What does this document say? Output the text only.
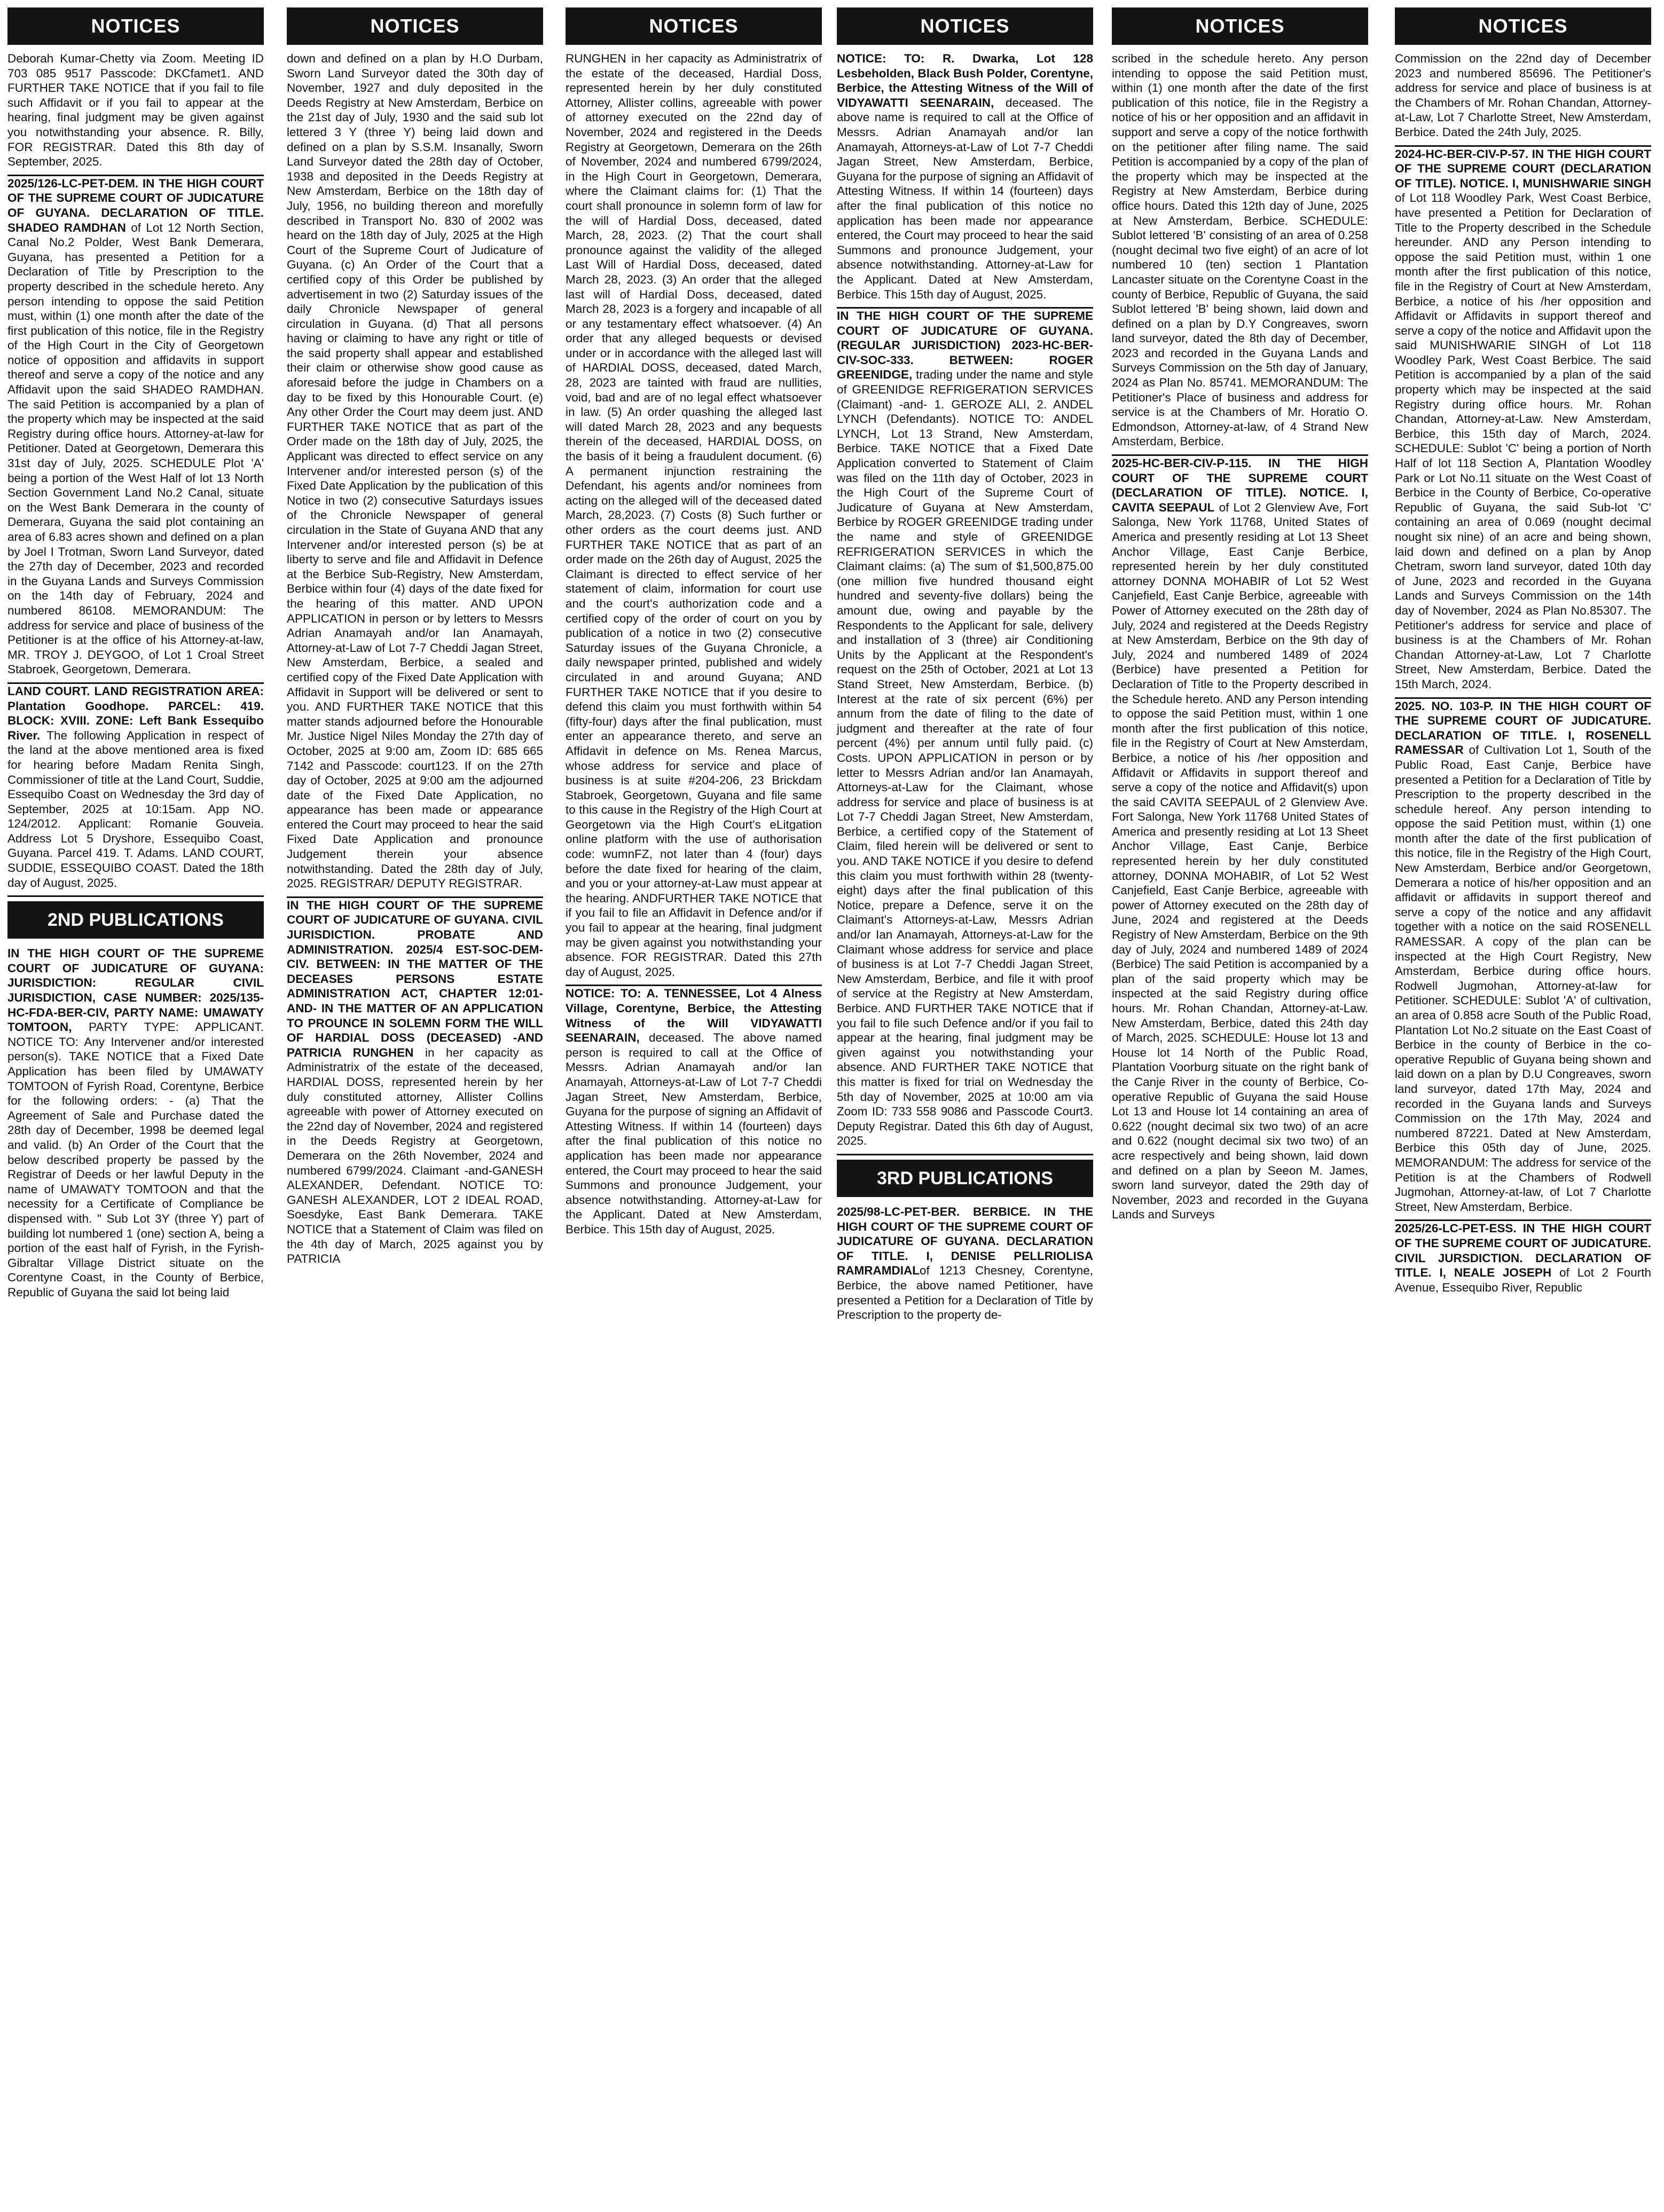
NOTICES

Deborah Kumar-Chetty via Zoom. Meeting ID 703 085 9517 Passcode: DKCfamet1. AND FURTHER TAKE NOTICE that if you fail to file such Affidavit or if you fail to appear at the hearing, final judgment may be given against you notwithstanding your absence. R. Billy, FOR REGISTRAR. Dated this 8th day of September, 2025.

2025/126-LC-PET-DEM. IN THE HIGH COURT OF THE SUPREME COURT OF JUDICATURE OF GUYANA. DECLARATION OF TITLE. SHADEO RAMDHAN of Lot 12 North Section, Canal No.2 Polder, West Bank Demerara, Guyana, has presented a Petition for a Declaration of Title by Prescription to the property described in the schedule hereto. Any person intending to oppose the said Petition must, within (1) one month after the date of the first publication of this notice, file in the Registry of the High Court in the City of Georgetown notice of opposition and affidavits in support thereof and serve a copy of the notice and any Affidavit upon the said SHADEO RAMDHAN. The said Petition is accompanied by a plan of the property which may be inspected at the said Registry during office hours. Attorney-at-law for Petitioner. Dated at Georgetown, Demerara this 31st day of July, 2025. SCHEDULE Plot 'A' being a portion of the West Half of lot 13 North Section Government Land No.2 Canal, situate on the West Bank Demerara in the county of Demerara, Guyana the said plot containing an area of 6.83 acres shown and defined on a plan by Joel I Trotman, Sworn Land Surveyor, dated the 27th day of December, 2023 and recorded in the Guyana Lands and Surveys Commission on the 14th day of February, 2024 and numbered 86108. MEMORANDUM: The address for service and place of business of the Petitioner is at the office of his Attorney-at-law, MR. TROY J. DEYGOO, of Lot 1 Croal Street Stabroek, Georgetown, Demerara.

LAND COURT. LAND REGISTRATION AREA: Plantation Goodhope. PARCEL: 419. BLOCK: XVIII. ZONE: Left Bank Essequibo River. The following Application in respect of the land at the above mentioned area is fixed for hearing before Madam Renita Singh, Commissioner of title at the Land Court, Suddie, Essequibo Coast on Wednesday the 3rd day of September, 2025 at 10:15am. App NO. 124/2012. Applicant: Romanie Gouveia. Address Lot 5 Dryshore, Essequibo Coast, Guyana. Parcel 419. T. Adams. LAND COURT, SUDDIE, ESSEQUIBO COAST. Dated the 18th day of August, 2025.

2ND PUBLICATIONS

IN THE HIGH COURT OF THE SUPREME COURT OF JUDICATURE OF GUYANA: JURISDICTION: REGULAR CIVIL JURISDICTION, CASE NUMBER: 2025/135-HC-FDA-BER-CIV, PARTY NAME: UMAWATY TOMTOON, PARTY TYPE: APPLICANT. NOTICE TO: Any Intervener and/or interested person(s). TAKE NOTICE that a Fixed Date Application has been filed by UMAWATY TOMTOON of Fyrish Road, Corentyne, Berbice for the following orders: - (a) That the Agreement of Sale and Purchase dated the 28th day of December, 1998 be deemed legal and valid. (b) An Order of the Court that the below described property be passed by the Registrar of Deeds or her lawful Deputy in the name of UMAWATY TOMTOON and that the necessity for a Certificate of Compliance be dispensed with. " Sub Lot 3Y (three Y) part of building lot numbered 1 (one) section A, being a portion of the east half of Fyrish, in the Fyrish-Gibraltar Village District situate on the Corentyne Coast, in the County of Berbice, Republic of Guyana the said lot being laid

NOTICES

down and defined on a plan by H.O Durbam, Sworn Land Surveyor dated the 30th day of November, 1927 and duly deposited in the Deeds Registry at New Amsterdam, Berbice on the 21st day of July, 1930 and the said sub lot lettered 3 Y (three Y) being laid down and defined on a plan by S.S.M. Insanally, Sworn Land Surveyor dated the 28th day of October, 1938 and deposited in the Deeds Registry at New Amsterdam, Berbice on the 18th day of July, 1956, no building thereon and morefully described in Transport No. 830 of 2002 was heard on the 18th day of July, 2025 at the High Court of the Supreme Court of Judicature of Guyana. (c) An Order of the Court that a certified copy of this Order be published by advertisement in two (2) Saturday issues of the daily Chronicle Newspaper of general circulation in Guyana. (d) That all persons having or claiming to have any right or title of the said property shall appear and established their claim or otherwise show good cause as aforesaid before the judge in Chambers on a day to be fixed by this Honourable Court. (e) Any other Order the Court may deem just. AND FURTHER TAKE NOTICE that as part of the Order made on the 18th day of July, 2025, the Applicant was directed to effect service on any Intervener and/or interested person (s) of the Fixed Date Application by the publication of this Notice in two (2) consecutive Saturdays issues of the Chronicle Newspaper of general circulation in the State of Guyana AND that any Intervener and/or interested person (s) be at liberty to serve and file and Affidavit in Defence at the Berbice Sub-Registry, New Amsterdam, Berbice within four (4) days of the date fixed for the hearing of this matter. AND UPON APPLICATION in person or by letters to Messrs Adrian Anamayah and/or Ian Anamayah, Attorney-at-Law of Lot 7-7 Cheddi Jagan Street, New Amsterdam, Berbice, a sealed and certified copy of the Fixed Date Application with Affidavit in Support will be delivered or sent to you. AND FURTHER TAKE NOTICE that this matter stands adjourned before the Honourable Mr. Justice Nigel Niles Monday the 27th day of October, 2025 at 9:00 am, Zoom ID: 685 665 7142 and Passcode: court123. If on the 27th day of October, 2025 at 9:00 am the adjourned date of the Fixed Date Application, no appearance has been made or appearance entered the Court may proceed to hear the said Fixed Date Application and pronounce Judgement therein your absence notwithstanding. Dated the 28th day of July, 2025. REGISTRAR/ DEPUTY REGISTRAR.

IN THE HIGH COURT OF THE SUPREME COURT OF JUDICATURE OF GUYANA. CIVIL JURISDICTION. PROBATE AND ADMINISTRATION. 2025/4 EST-SOC-DEM-CIV. BETWEEN: IN THE MATTER OF THE DECEASES PERSONS ESTATE ADMINISTRATION ACT, CHAPTER 12:01-AND- IN THE MATTER OF AN APPLICATION TO PROUNCE IN SOLEMN FORM THE WILL OF HARDIAL DOSS (DECEASED) -AND PATRICIA RUNGHEN in her capacity as Administratrix of the estate of the deceased, HARDIAL DOSS, represented herein by her duly constituted attorney, Allister Collins agreeable with power of Attorney executed on the 22nd day of November, 2024 and registered in the Deeds Registry at Georgetown, Demerara on the 26th November, 2024 and numbered 6799/2024. Claimant -and-GANESH ALEXANDER, Defendant. NOTICE TO: GANESH ALEXANDER, LOT 2 IDEAL ROAD, Soesdyke, East Bank Demerara. TAKE NOTICE that a Statement of Claim was filed on the 4th day of March, 2025 against you by PATRICIA

NOTICES

RUNGHEN in her capacity as Administratrix of the estate of the deceased, Hardial Doss, represented herein by her duly constituted Attorney, Allister collins, agreeable with power of attorney executed on the 22nd day of November, 2024 and registered in the Deeds Registry at Georgetown, Demerara on the 26th of November, 2024 and numbered 6799/2024, in the High Court in Georgetown, Demerara, where the Claimant claims for: (1) That the court shall pronounce in solemn form of law for the will of Hardial Doss, deceased, dated March, 28, 2023. (2) That the court shall pronounce against the validity of the alleged Last Will of Hardial Doss, deceased, dated March 28, 2023. (3) An order that the alleged last will of Hardial Doss, deceased, dated March 28, 2023 is a forgery and incapable of all or any testamentary effect whatsoever. (4) An order that any alleged bequests or devised under or in accordance with the alleged last will of HARDIAL DOSS, deceased, dated March, 28, 2023 are tainted with fraud are nullities, void, bad and are of no legal effect whatsoever in law. (5) An order quashing the alleged last will dated March 28, 2023 and any bequests therein of the deceased, HARDIAL DOSS, on the basis of it being a fraudulent document. (6) A permanent injunction restraining the Defendant, his agents and/or nominees from acting on the alleged will of the deceased dated March, 28,2023. (7) Costs (8) Such further or other orders as the court deems just. AND FURTHER TAKE NOTICE that as part of an order made on the 26th day of August, 2025 the Claimant is directed to effect service of her statement of claim, information for court use and the court's authorization code and a certified copy of the order of court on you by publication of a notice in two (2) consecutive Saturday issues of the Guyana Chronicle, a daily newspaper printed, published and widely circulated in and around Guyana; AND FURTHER TAKE NOTICE that if you desire to defend this claim you must forthwith within 54 (fifty-four) days after the final publication, must enter an appearance thereto, and serve an Affidavit in defence on Ms. Renea Marcus, whose address for service and place of business is at suite #204-206, 23 Brickdam Stabroek, Georgetown, Guyana and file same to this cause in the Registry of the High Court at Georgetown via the High Court's eLitgation online platform with the use of authorisation code: wumnFZ, not later than 4 (four) days before the date fixed for hearing of the claim, and you or your attorney-at-Law must appear at the hearing. ANDFURTHER TAKE NOTICE that if you fail to file an Affidavit in Defence and/or if you fail to appear at the hearing, final judgment may be given against you notwithstanding your absence. FOR REGISTRAR. Dated this 27th day of August, 2025.

NOTICE: TO: A. TENNESSEE, Lot 4 Alness Village, Corentyne, Berbice, the Attesting Witness of the Will VIDYAWATTI SEENARAIN, deceased. The above named person is required to call at the Office of Messrs. Adrian Anamayah and/or Ian Anamayah, Attorneys-at-Law of Lot 7-7 Cheddi Jagan Street, New Amsterdam, Berbice, Guyana for the purpose of signing an Affidavit of Attesting Witness. If within 14 (fourteen) days after the final publication of this notice no application has been made nor appearance entered, the Court may proceed to hear the said Summons and pronounce Judgement, your absence notwithstanding. Attorney-at-Law for the Applicant. Dated at New Amsterdam, Berbice. This 15th day of August, 2025.

NOTICES

NOTICE: TO: R. Dwarka, Lot 128 Lesbeholden, Black Bush Polder, Corentyne, Berbice, the Attesting Witness of the Will of VIDYAWATTI SEENARAIN, deceased. The above name is required to call at the Office of Messrs. Adrian Anamayah and/or Ian Anamayah, Attorneys-at-Law of Lot 7-7 Cheddi Jagan Street, New Amsterdam, Berbice, Guyana for the purpose of signing an Affidavit of Attesting Witness. If within 14 (fourteen) days after the final publication of this notice no application has been made nor appearance entered, the Court may proceed to hear the said Summons and pronounce Judgement, your absence notwithstanding. Attorney-at-Law for the Applicant. Dated at New Amsterdam, Berbice. This 15th day of August, 2025.

IN THE HIGH COURT OF THE SUPREME COURT OF JUDICATURE OF GUYANA. (REGULAR JURISDICTION) 2023-HC-BER-CIV-SOC-333. BETWEEN: ROGER GREENIDGE, trading under the name and style of GREENIDGE REFRIGERATION SERVICES (Claimant) -and- 1. GEROZE ALI, 2. ANDEL LYNCH (Defendants). NOTICE TO: ANDEL LYNCH, Lot 13 Strand, New Amsterdam, Berbice. TAKE NOTICE that a Fixed Date Application converted to Statement of Claim was filed on the 11th day of October, 2023 in the High Court of the Supreme Court of Judicature of Guyana at New Amsterdam, Berbice by ROGER GREENIDGE trading under the name and style of GREENIDGE REFRIGERATION SERVICES in which the Claimant claims: (a) The sum of $1,500,875.00 (one million five hundred thousand eight hundred and seventy-five dollars) being the amount due, owing and payable by the Respondents to the Applicant for sale, delivery and installation of 3 (three) air Conditioning Units by the Applicant at the Respondent's request on the 25th of October, 2021 at Lot 13 Stand Street, New Amsterdam, Berbice. (b) Interest at the rate of six percent (6%) per annum from the date of filing to the date of judgment and thereafter at the rate of four percent (4%) per annum until fully paid. (c) Costs. UPON APPLICATION in person or by letter to Messrs Adrian and/or Ian Anamayah, Attorneys-at-Law for the Claimant, whose address for service and place of business is at Lot 7-7 Cheddi Jagan Street, New Amsterdam, Berbice, a certified copy of the Statement of Claim, filed herein will be delivered or sent to you. AND TAKE NOTICE if you desire to defend this claim you must forthwith within 28 (twenty-eight) days after the final publication of this Notice, prepare a Defence, serve it on the Claimant's Attorneys-at-Law, Messrs Adrian and/or Ian Anamayah, Attorneys-at-Law for the Claimant whose address for service and place of business is at Lot 7-7 Cheddi Jagan Street, New Amsterdam, Berbice, and file it with proof of service at the Registry at New Amsterdam, Berbice. AND FURTHER TAKE NOTICE that if you fail to file such Defence and/or if you fail to appear at the hearing, final judgment may be given against you notwithstanding your absence. AND FURTHER TAKE NOTICE that this matter is fixed for trial on Wednesday the 5th day of November, 2025 at 10:00 am via Zoom ID: 733 558 9086 and Passcode Court3. Deputy Registrar. Dated this 6th day of August, 2025.

3RD PUBLICATIONS

2025/98-LC-PET-BER. BERBICE. IN THE HIGH COURT OF THE SUPREME COURT OF JUDICATURE OF GUYANA. DECLARATION OF TITLE. I, DENISE PELLRIOLISA RAMRAMDIALof 1213 Chesney, Corentyne, Berbice, the above named Petitioner, have presented a Petition for a Declaration of Title by Prescription to the property de-

NOTICES

scribed in the schedule hereto. Any person intending to oppose the said Petition must, within (1) one month after the date of the first publication of this notice, file in the Registry a notice of his or her opposition and an affidavit in support and serve a copy of the notice forthwith on the petitioner after filing name. The said Petition is accompanied by a copy of the plan of the property which may be inspected at the Registry at New Amsterdam, Berbice during office hours. Dated this 12th day of June, 2025 at New Amsterdam, Berbice. SCHEDULE: Sublot lettered 'B' consisting of an area of 0.258 (nought decimal two five eight) of an acre of lot numbered 10 (ten) section 1 Plantation Lancaster situate on the Corentyne Coast in the county of Berbice, Republic of Guyana, the said Sublot lettered 'B' being shown, laid down and defined on a plan by D.Y Congreaves, sworn land surveyor, dated the 8th day of December, 2023 and recorded in the Guyana Lands and Surveys Commission on the 5th day of January, 2024 as Plan No. 85741. MEMORANDUM: The Petitioner's Place of business and address for service is at the Chambers of Mr. Horatio O. Edmondson, Attorney-at-law, of 4 Strand New Amsterdam, Berbice.

2025-HC-BER-CIV-P-115. IN THE HIGH COURT OF THE SUPREME COURT (DECLARATION OF TITLE). NOTICE. I, CAVITA SEEPAUL of Lot 2 Glenview Ave, Fort Salonga, New York 11768, United States of America and presently residing at Lot 13 Sheet Anchor Village, East Canje Berbice, represented herein by her duly constituted attorney DONNA MOHABIR of Lot 52 West Canjefield, East Canje Berbice, agreeable with Power of Attorney executed on the 28th day of July, 2024 and registered at the Deeds Registry at New Amsterdam, Berbice on the 9th day of July, 2024 and numbered 1489 of 2024 (Berbice) have presented a Petition for Declaration of Title to the Property described in the Schedule hereto. AND any Person intending to oppose the said Petition must, within 1 one month after the first publication of this notice, file in the Registry of Court at New Amsterdam, Berbice, a notice of his /her opposition and Affidavit or Affidavits in support thereof and serve a copy of the notice and Affidavit(s) upon the said CAVITA SEEPAUL of 2 Glenview Ave. Fort Salonga, New York 11768 United States of America and presently residing at Lot 13 Sheet Anchor Village, East Canje, Berbice represented herein by her duly constituted attorney, DONNA MOHABIR, of Lot 52 West Canjefield, East Canje Berbice, agreeable with power of Attorney executed on the 28th day of June, 2024 and registered at the Deeds Registry of New Amsterdam, Berbice on the 9th day of July, 2024 and numbered 1489 of 2024 (Berbice) The said Petition is accompanied by a plan of the said property which may be inspected at the said Registry during office hours. Mr. Rohan Chandan, Attorney-at-Law. New Amsterdam, Berbice, dated this 24th day of March, 2025. SCHEDULE: House lot 13 and House lot 14 North of the Public Road, Plantation Voorburg situate on the right bank of the Canje River in the county of Berbice, Co-operative Republic of Guyana the said House Lot 13 and House lot 14 containing an area of 0.622 (nought decimal six two two) of an acre and 0.622 (nought decimal six two two) of an acre respectively and being shown, laid down and defined on a plan by Seeon M. James, sworn land surveyor, dated the 29th day of November, 2023 and recorded in the Guyana Lands and Surveys

NOTICES

Commission on the 22nd day of December 2023 and numbered 85696. The Petitioner's address for service and place of business is at the Chambers of Mr. Rohan Chandan, Attorney-at-Law, Lot 7 Charlotte Street, New Amsterdam, Berbice. Dated the 24th July, 2025.

2024-HC-BER-CIV-P-57. IN THE HIGH COURT OF THE SUPREME COURT (DECLARATION OF TITLE). NOTICE. I, MUNISHWARIE SINGH of Lot 118 Woodley Park, West Coast Berbice, have presented a Petition for Declaration of Title to the Property described in the Schedule hereunder. AND any Person intending to oppose the said Petition must, within 1 one month after the first publication of this notice, file in the Registry of Court at New Amsterdam, Berbice, a notice of his /her opposition and Affidavit or Affidavits in support thereof and serve a copy of the notice and Affidavit upon the said MUNISHWARIE SINGH of Lot 118 Woodley Park, West Coast Berbice. The said Petition is accompanied by a plan of the said property which may be inspected at the said Registry during office hours. Mr. Rohan Chandan, Attorney-at-Law. New Amsterdam, Berbice, this 15th day of March, 2024. SCHEDULE: Sublot 'C' being a portion of North Half of lot 118 Section A, Plantation Woodley Park or Lot No.11 situate on the West Coast of Berbice in the County of Berbice, Co-operative Republic of Guyana, the said Sub-lot 'C' containing an area of 0.069 (nought decimal nought six nine) of an acre and being shown, laid down and defined on a plan by Anop Chetram, sworn land surveyor, dated 10th day of June, 2023 and recorded in the Guyana Lands and Surveys Commission on the 14th day of November, 2024 as Plan No.85307. The Petitioner's address for service and place of business is at the Chambers of Mr. Rohan Chandan Attorney-at-Law, Lot 7 Charlotte Street, New Amsterdam, Berbice. Dated the 15th March, 2024.

2025. NO. 103-P. IN THE HIGH COURT OF THE SUPREME COURT OF JUDICATURE. DECLARATION OF TITLE. I, ROSENELL RAMESSAR of Cultivation Lot 1, South of the Public Road, East Canje, Berbice have presented a Petition for a Declaration of Title by Prescription to the property described in the schedule hereof. Any person intending to oppose the said Petition must, within (1) one month after the date of the first publication of this notice, file in the Registry of the High Court, New Amsterdam, Berbice and/or Georgetown, Demerara a notice of his/her opposition and an affidavit or affidavits in support thereof and serve a copy of the notice and any affidavit together with a notice on the said ROSENELL RAMESSAR. A copy of the plan can be inspected at the High Court Registry, New Amsterdam, Berbice during office hours. Rodwell Jugmohan, Attorney-at-law for Petitioner. SCHEDULE: Sublot 'A' of cultivation, an area of 0.858 acre South of the Public Road, Plantation Lot No.2 situate on the East Coast of Berbice in the county of Berbice in the co-operative Republic of Guyana being shown and laid down on a plan by D.U Congreaves, sworn land surveyor, dated 17th May, 2024 and recorded in the Guyana lands and Surveys Commission on the 17th May, 2024 and numbered 87221. Dated at New Amsterdam, Berbice this 05th day of June, 2025. MEMORANDUM: The address for service of the Petition is at the Chambers of Rodwell Jugmohan, Attorney-at-law, of Lot 7 Charlotte Street, New Amsterdam, Berbice.

2025/26-LC-PET-ESS. IN THE HIGH COURT OF THE SUPREME COURT OF JUDICATURE. CIVIL JURSDICTION. DECLARATION OF TITLE. I, NEALE JOSEPH of Lot 2 Fourth Avenue, Essequibo River, Republic
